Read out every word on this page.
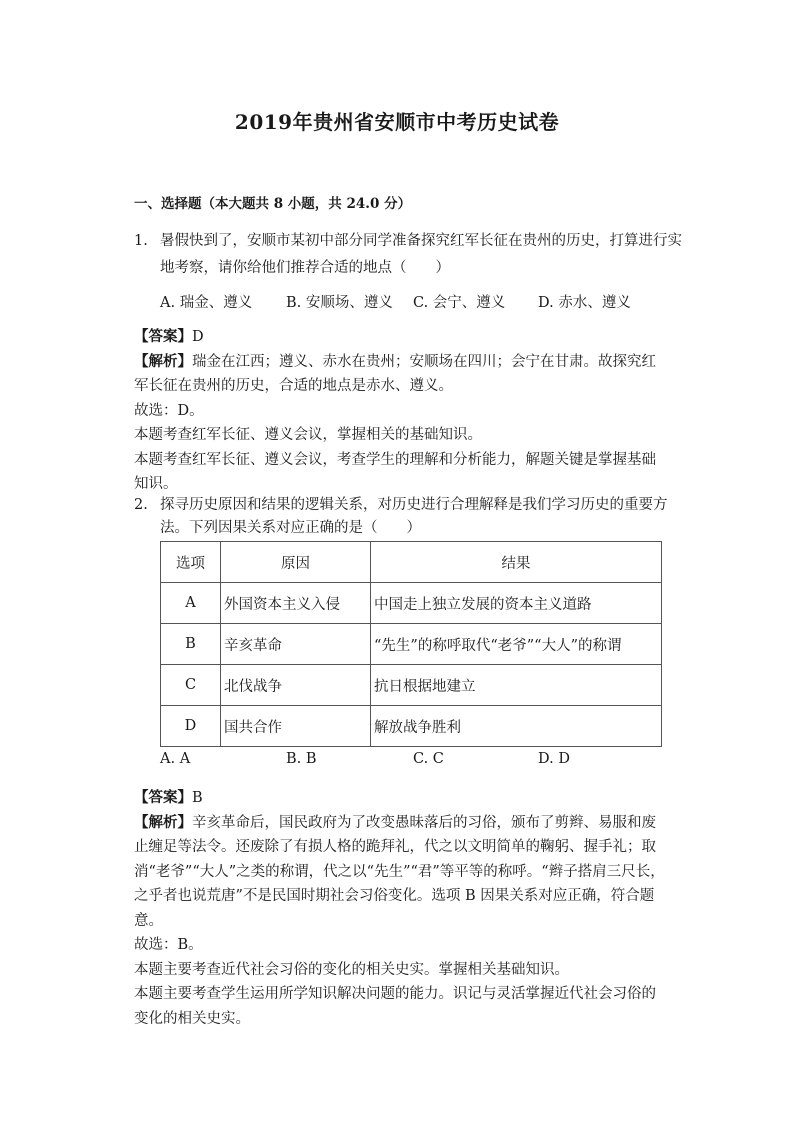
2019年贵州省安顺市中考历史试卷
一、选择题（本大题共 8 小题，共 24.0 分）
1. 暑假快到了，安顺市某初中部分同学准备探究红军长征在贵州的历史，打算进行实地考察，请你给他们推荐合适的地点（　　）
A. 瑞金、遵义 B. 安顺场、遵义 C. 会宁、遵义 D. 赤水、遵义

【答案】D

【解析】瑞金在江西；遵义、赤水在贵州；安顺场在四川；会宁在甘肃。故探究红军长征在贵州的历史，合适的地点是赤水、遵义。

故选：D。

本题考查红军长征、遵义会议，掌握相关的基础知识。

本题考查红军长征、遵义会议，考查学生的理解和分析能力，解题关键是掌握基础知识。

2. 探寻历史原因和结果的逻辑关系，对历史进行合理解释是我们学习历史的重要方法。下列因果关系对应正确的是（　　）
选项	原因	结果
A	外国资本主义入侵	中国走上独立发展的资本主义道路
B	辛亥革命	“先生”的称呼取代“老爷”“大人”的称谓
C	北伐战争	抗日根据地建立
D	国共合作	解放战争胜利
A. A	B. B	C. C	D. D

【答案】B

【解析】辛亥革命后，国民政府为了改变愚昧落后的习俗，颁布了剪辫、易服和废止缠足等法令。还废除了有损人格的跪拜礼，代之以文明简单的鞠躬、握手礼；取消“老爷”“大人”之类的称谓，代之以“先生”“君”等平等的称呼。“辫子搭肩三尺长，之乎者也说荒唐”不是民国时期社会习俗变化。选项 B 因果关系对应正确，符合题意。

故选：B。

本题主要考查近代社会习俗的变化的相关史实。掌握相关基础知识。

本题主要考查学生运用所学知识解决问题的能力。识记与灵活掌握近代社会习俗的变化的相关史实。
